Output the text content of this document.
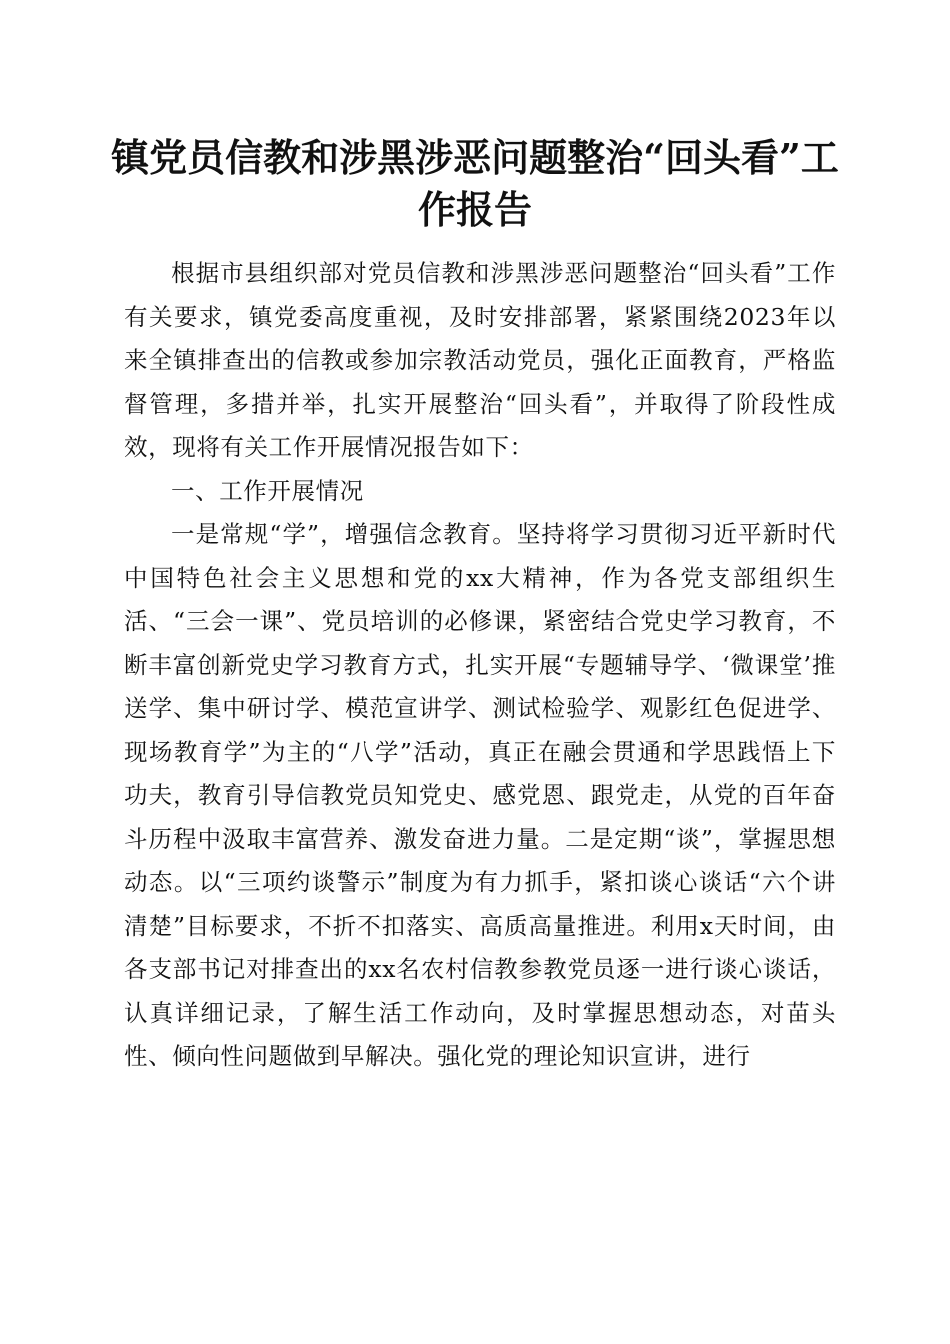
镇党员信教和涉黑涉恶问题整治“回头看”工
作报告

根据市县组织部对党员信教和涉黑涉恶问题整治“回头看”工作有关要求，镇党委高度重视，及时安排部署，紧紧围绕2023年以来全镇排查出的信教或参加宗教活动党员，强化正面教育，严格监督管理，多措并举，扎实开展整治“回头看”，并取得了阶段性成效，现将有关工作开展情况报告如下：

一、工作开展情况

一是常规“学”，增强信念教育。坚持将学习贯彻习近平新时代中国特色社会主义思想和党的xx大精神，作为各党支部组织生活、“三会一课”、党员培训的必修课，紧密结合党史学习教育，不断丰富创新党史学习教育方式，扎实开展“专题辅导学、‘微课堂’推送学、集中研讨学、模范宣讲学、测试检验学、观影红色促进学、现场教育学”为主的“八学”活动，真正在融会贯通和学思践悟上下功夫，教育引导信教党员知党史、感党恩、跟党走，从党的百年奋斗历程中汲取丰富营养、激发奋进力量。二是定期“谈”，掌握思想动态。以“三项约谈警示”制度为有力抓手，紧扣谈心谈话“六个讲清楚”目标要求，不折不扣落实、高质高量推进。利用x天时间，由各支部书记对排查出的xx名农村信教参教党员逐一进行谈心谈话，认真详细记录，了解生活工作动向，及时掌握思想动态，对苗头性、倾向性问题做到早解决。强化党的理论知识宣讲，进行
